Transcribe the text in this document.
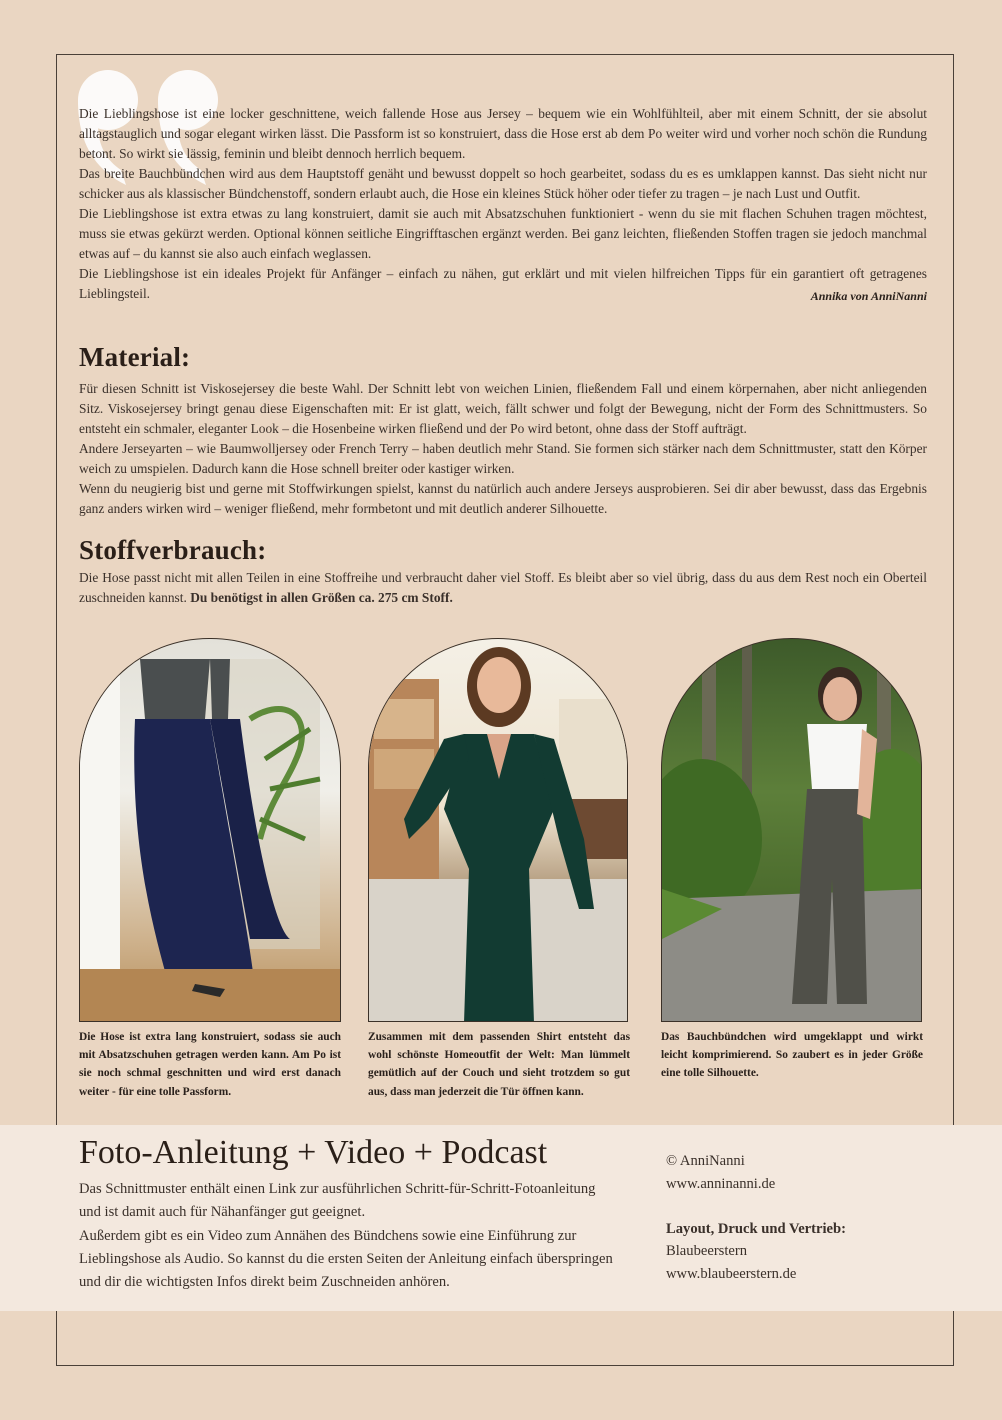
Die Lieblingshose ist eine locker geschnittene, weich fallende Hose aus Jersey – bequem wie ein Wohlfühlteil, aber mit einem Schnitt, der sie absolut alltagstauglich und sogar elegant wirken lässt. Die Passform ist so konstruiert, dass die Hose erst ab dem Po weiter wird und vorher noch schön die Rundung betont. So wirkt sie lässig, feminin und bleibt dennoch herrlich bequem.

Das breite Bauchbündchen wird aus dem Hauptstoff genäht und bewusst doppelt so hoch gearbeitet, sodass du es es umklappen kannst. Das sieht nicht nur schicker aus als klassischer Bündchenstoff, sondern erlaubt auch, die Hose ein kleines Stück höher oder tiefer zu tragen – je nach Lust und Outfit.

Die Lieblingshose ist extra etwas zu lang konstruiert, damit sie auch mit Absatzschuhen funktioniert - wenn du sie mit flachen Schuhen tragen möchtest, muss sie etwas gekürzt werden. Optional können seitliche Eingrifftaschen ergänzt werden. Bei ganz leichten, fließenden Stoffen tragen sie jedoch manchmal etwas auf – du kannst sie also auch einfach weglassen.

Die Lieblingshose ist ein ideales Projekt für Anfänger – einfach zu nähen, gut erklärt und mit vielen hilfreichen Tipps für ein garantiert oft getragenes Lieblingsteil.	Annika von AnniNanni
Material:

Für diesen Schnitt ist Viskosejersey die beste Wahl. Der Schnitt lebt von weichen Linien, fließendem Fall und einem körpernahen, aber nicht anliegenden Sitz. Viskosejersey bringt genau diese Eigenschaften mit: Er ist glatt, weich, fällt schwer und folgt der Bewegung, nicht der Form des Schnittmusters. So entsteht ein schmaler, eleganter Look – die Hosenbeine wirken fließend und der Po wird betont, ohne dass der Stoff aufträgt.

Andere Jerseyarten – wie Baumwolljersey oder French Terry – haben deutlich mehr Stand. Sie formen sich stärker nach dem Schnittmuster, statt den Körper weich zu umspielen. Dadurch kann die Hose schnell breiter oder kastiger wirken.

Wenn du neugierig bist und gerne mit Stoffwirkungen spielst, kannst du natürlich auch andere Jerseys ausprobieren. Sei dir aber bewusst, dass das Ergebnis ganz anders wirken wird – weniger fließend, mehr formbetont und mit deutlich anderer Silhouette.

Stoffverbrauch:

Die Hose passt nicht mit allen Teilen in eine Stoffreihe und verbraucht daher viel Stoff. Es bleibt aber so viel übrig, dass du aus dem Rest noch ein Oberteil zuschneiden kannst. Du benötigst in allen Größen ca. 275 cm Stoff.

Die Hose ist extra lang konstruiert, sodass sie auch mit Absatzschuhen getragen werden kann. Am Po ist sie noch schmal geschnitten und wird erst danach weiter - für eine tolle Passform.
Zusammen mit dem passenden Shirt entsteht das wohl schönste Homeoutfit der Welt: Man lümmelt gemütlich auf der Couch und sieht trotzdem so gut aus, dass man jederzeit die Tür öffnen kann.
Das Bauchbündchen wird umgeklappt und wirkt leicht komprimierend. So zaubert es in jeder Größe eine tolle Silhouette.
Foto-Anleitung + Video + Podcast
Das Schnittmuster enthält einen Link zur ausführlichen Schritt-für-Schritt-Fotoanleitung und ist damit auch für Nähanfänger gut geeignet.
Außerdem gibt es ein Video zum Annähen des Bündchens sowie eine Einführung zur Lieblingshose als Audio. So kannst du die ersten Seiten der Anleitung einfach überspringen und dir die wichtigsten Infos direkt beim Zuschneiden anhören.
© AnniNanni
www.anninanni.de
Layout, Druck und Vertrieb:
Blaubeerstern
www.blaubeerstern.de
